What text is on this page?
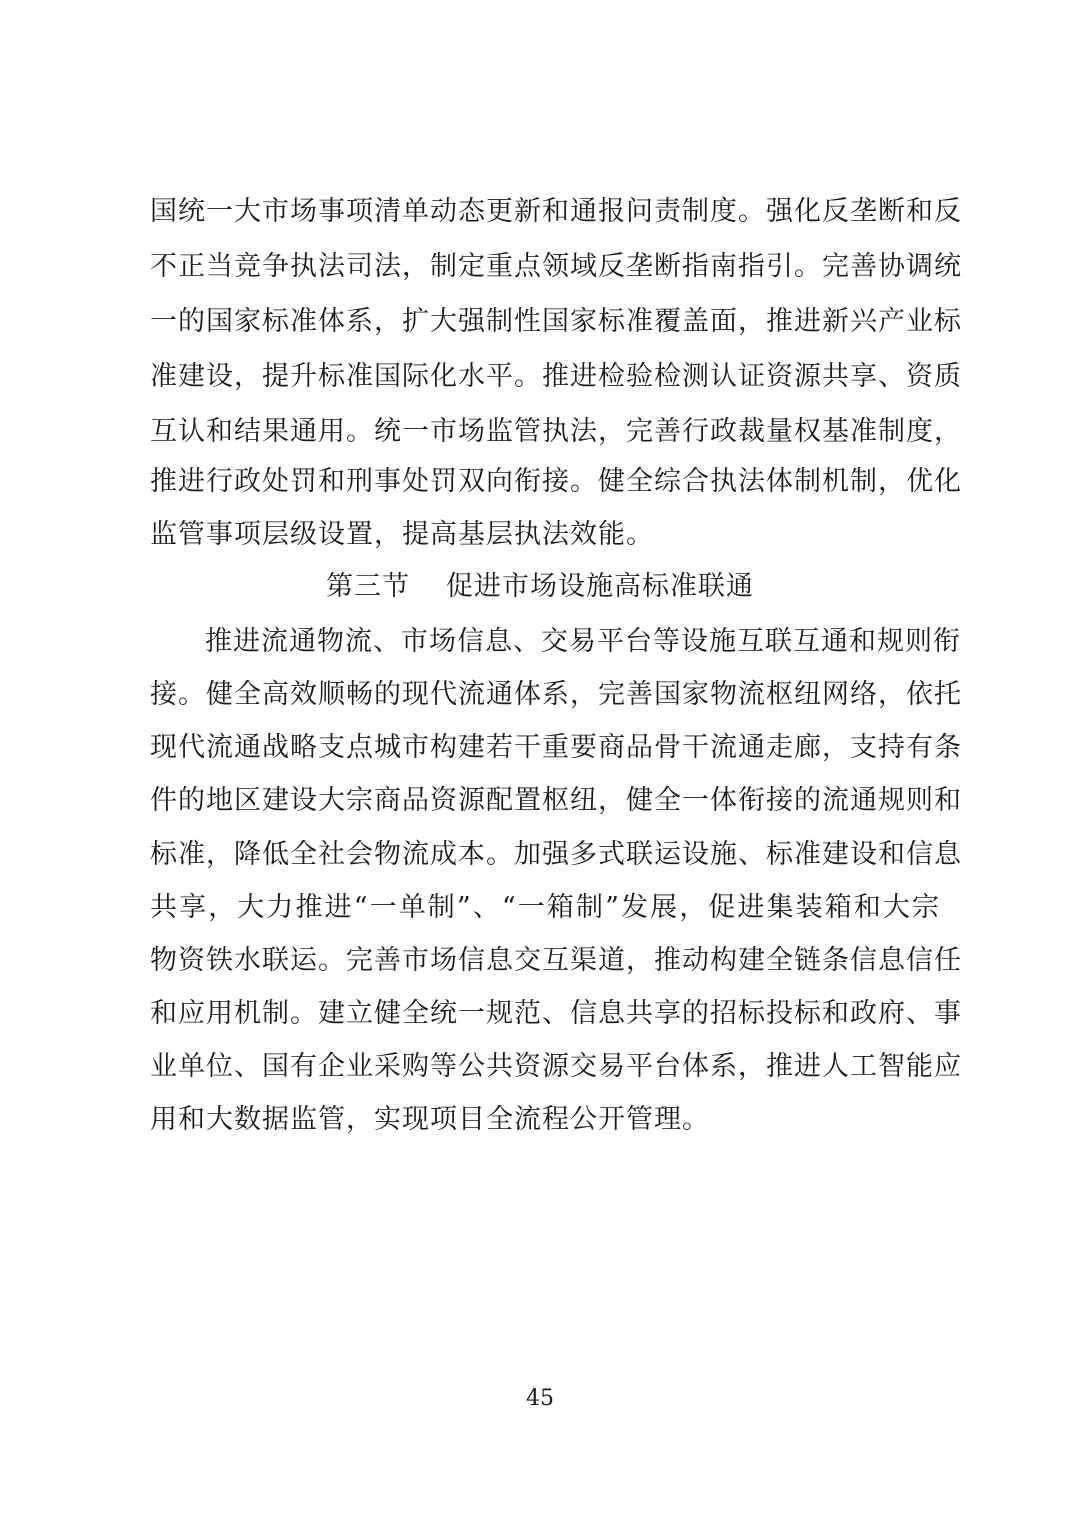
国统一大市场事项清单动态更新和通报问责制度。强化反垄断和反
不正当竞争执法司法，制定重点领域反垄断指南指引。完善协调统
一的国家标准体系，扩大强制性国家标准覆盖面，推进新兴产业标
准建设，提升标准国际化水平。推进检验检测认证资源共享、资质
互认和结果通用。统一市场监管执法，完善行政裁量权基准制度，
推进行政处罚和刑事处罚双向衔接。健全综合执法体制机制，优化
监管事项层级设置，提高基层执法效能。
第三节 促进市场设施高标准联通
推进流通物流、市场信息、交易平台等设施互联互通和规则衔
接。健全高效顺畅的现代流通体系，完善国家物流枢纽网络，依托
现代流通战略支点城市构建若干重要商品骨干流通走廊，支持有条
件的地区建设大宗商品资源配置枢纽，健全一体衔接的流通规则和
标准，降低全社会物流成本。加强多式联运设施、标准建设和信息
共享，大力推进“一单制”、“一箱制”发展，促进集装箱和大宗
物资铁水联运。完善市场信息交互渠道，推动构建全链条信息信任
和应用机制。建立健全统一规范、信息共享的招标投标和政府、事
业单位、国有企业采购等公共资源交易平台体系，推进人工智能应
用和大数据监管，实现项目全流程公开管理。
45
